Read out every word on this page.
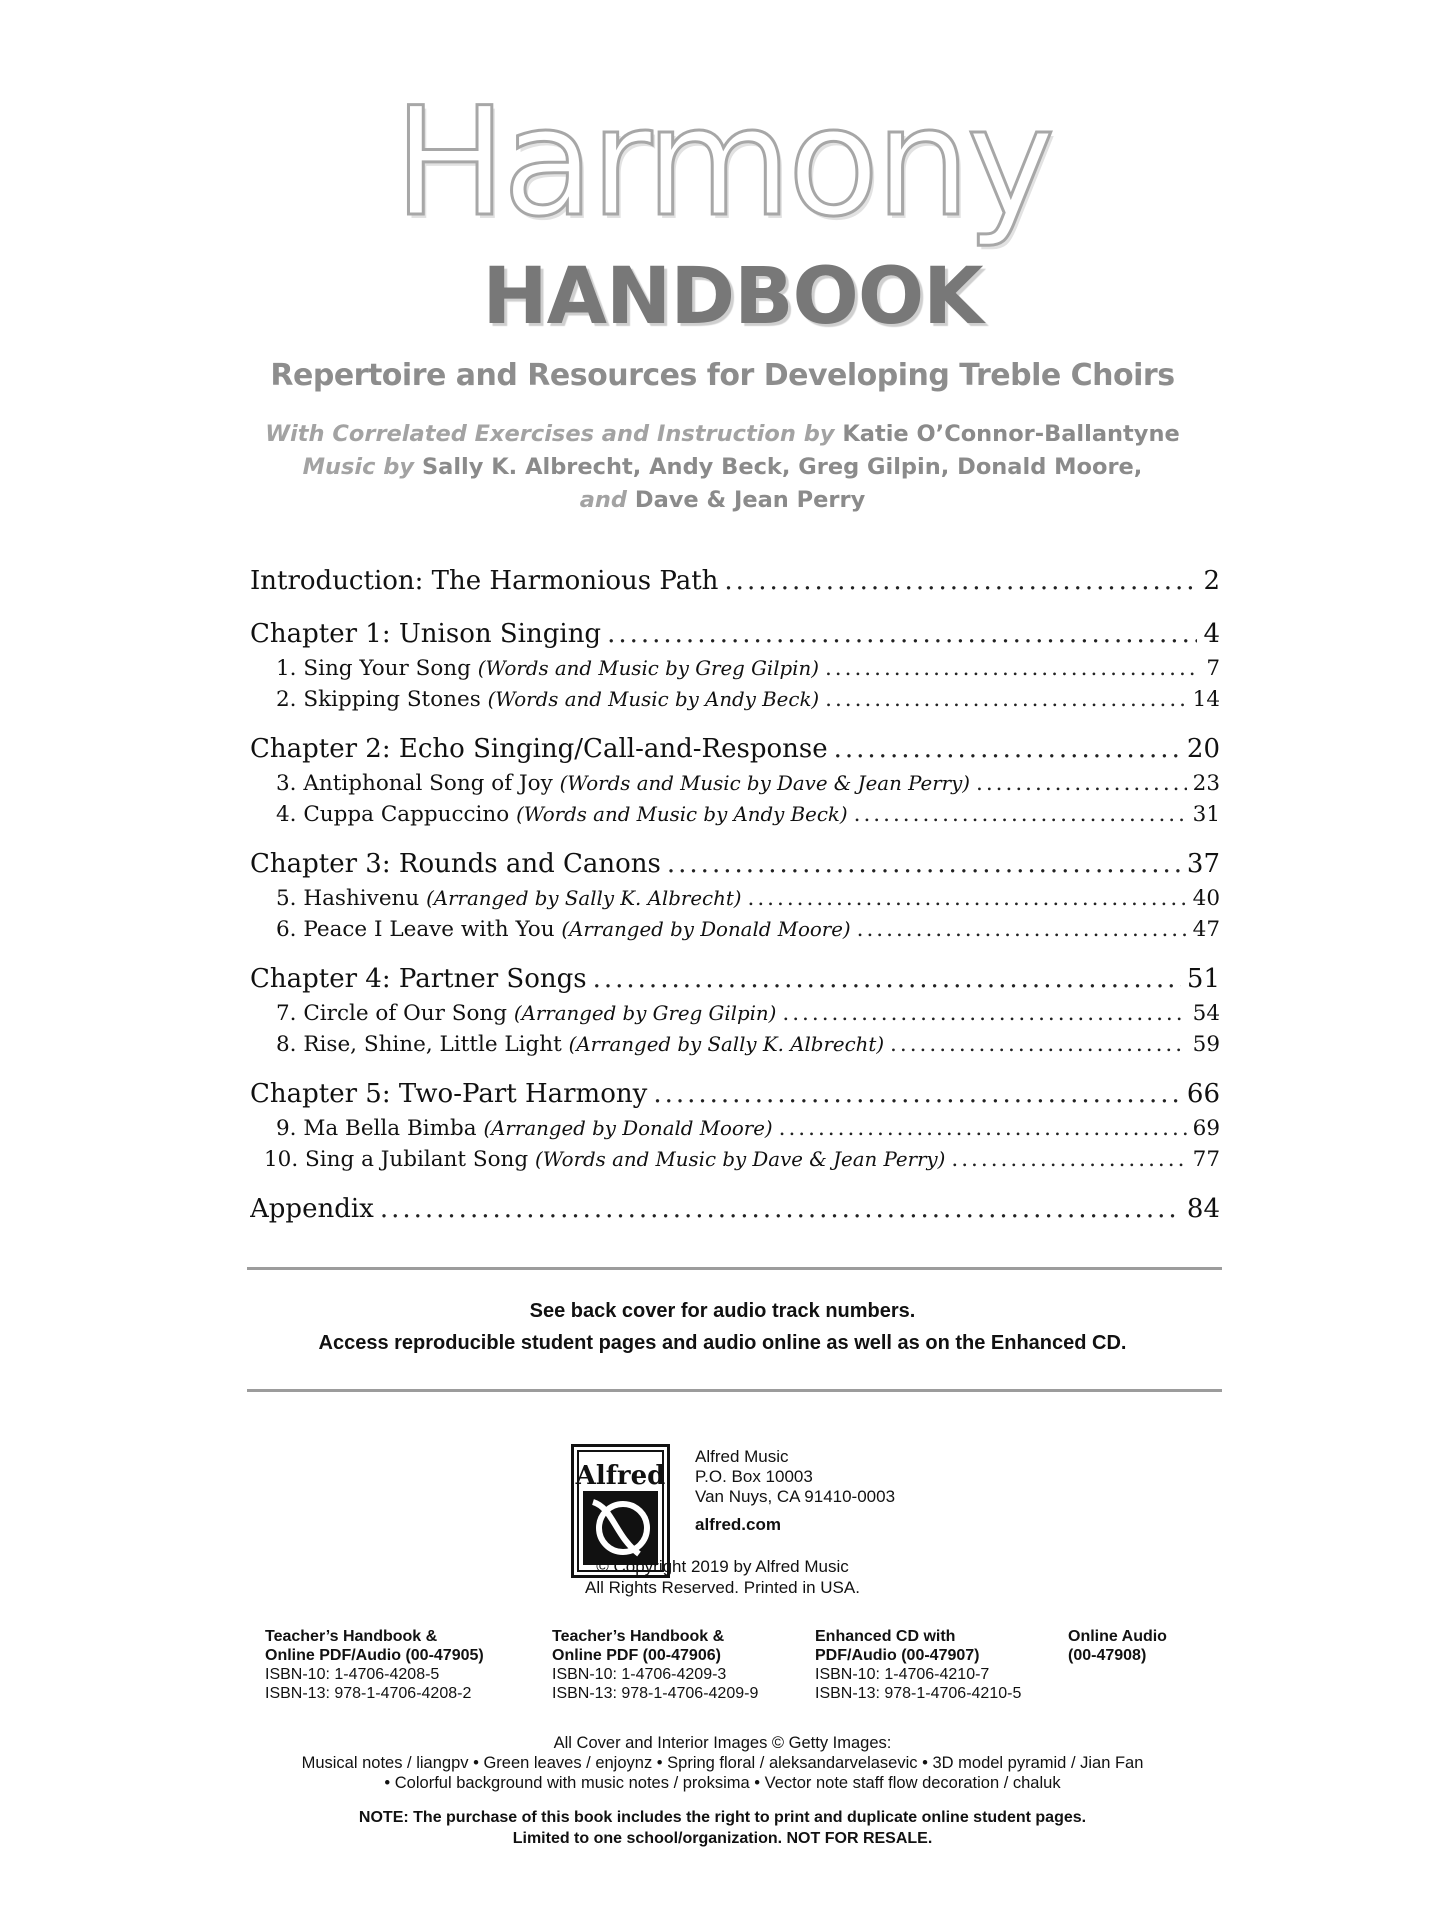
Harmony
HANDBOOK
Repertoire and Resources for Developing Treble Choirs
With Correlated Exercises and Instruction by Katie O’Connor-Ballantyne
Music by Sally K. Albrecht, Andy Beck, Greg Gilpin, Donald Moore,
and Dave & Jean Perry
Introduction: The Harmonious Path .....	2
Chapter 1: Unison Singing .....	4
1. Sing Your Song (Words and Music by Greg Gilpin) .....	7
2. Skipping Stones (Words and Music by Andy Beck) .....	14
Chapter 2: Echo Singing/Call-and-Response .....	20
3. Antiphonal Song of Joy (Words and Music by Dave & Jean Perry) .....	23
4. Cuppa Cappuccino (Words and Music by Andy Beck) .....	31
Chapter 3: Rounds and Canons .....	37
5. Hashivenu (Arranged by Sally K. Albrecht) .....	40
6. Peace I Leave with You (Arranged by Donald Moore) .....	47
Chapter 4: Partner Songs .....	51
7. Circle of Our Song (Arranged by Greg Gilpin) .....	54
8. Rise, Shine, Little Light (Arranged by Sally K. Albrecht) .....	59
Chapter 5: Two-Part Harmony .....	66
9. Ma Bella Bimba (Arranged by Donald Moore) .....	69
10. Sing a Jubilant Song (Words and Music by Dave & Jean Perry) .....	77
Appendix .....	84
See back cover for audio track numbers.
Access reproducible student pages and audio online as well as on the Enhanced CD.
Alfred
Alfred Music
P.O. Box 10003
Van Nuys, CA 91410-0003
alfred.com
© Copyright 2019 by Alfred Music
All Rights Reserved. Printed in USA.
Teacher’s Handbook &
Online PDF/Audio (00-47905)
ISBN-10: 1-4706-4208-5
ISBN-13: 978-1-4706-4208-2
Teacher’s Handbook &
Online PDF (00-47906)
ISBN-10: 1-4706-4209-3
ISBN-13: 978-1-4706-4209-9
Enhanced CD with
PDF/Audio (00-47907)
ISBN-10: 1-4706-4210-7
ISBN-13: 978-1-4706-4210-5
Online Audio
(00-47908)
All Cover and Interior Images © Getty Images:
Musical notes / liangpv • Green leaves / enjoynz • Spring floral / aleksandarvelasevic • 3D model pyramid / Jian Fan
• Colorful background with music notes / proksima • Vector note staff flow decoration / chaluk
NOTE: The purchase of this book includes the right to print and duplicate online student pages.
Limited to one school/organization. NOT FOR RESALE.
